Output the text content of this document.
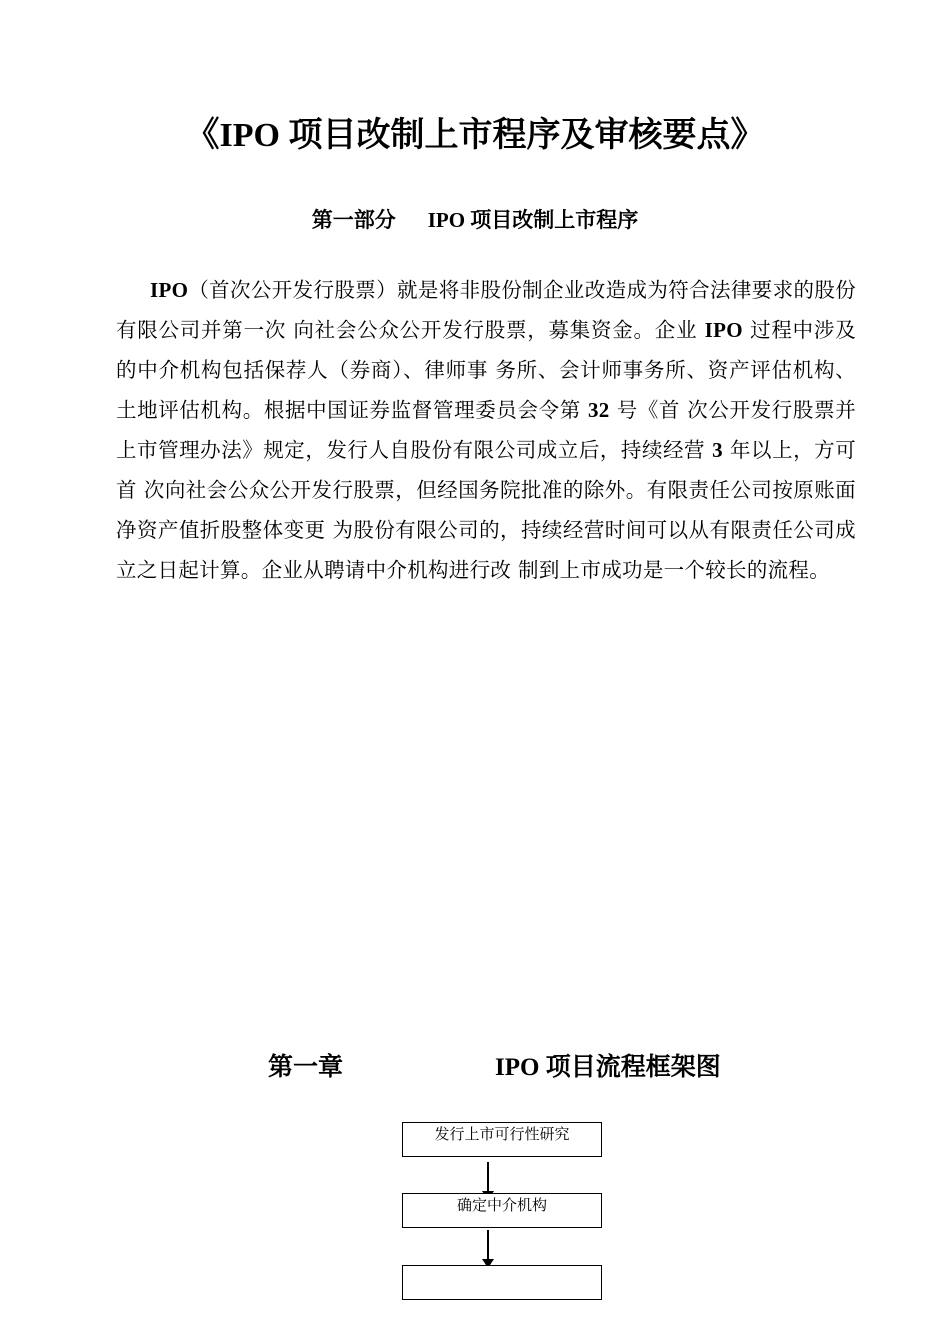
《IPO 项目改制上市程序及审核要点》
第一部分 IPO 项目改制上市程序

IPO（首次公开发行股票）就是将非股份制企业改造成为符合法律要求的股份有限公司并第一次 向社会公众公开发行股票，募集资金。企业 IPO 过程中涉及的中介机构包括保荐人（券商）、律师事 务所、会计师事务所、资产评估机构、土地评估机构。根据中国证券监督管理委员会令第 32 号《首 次公开发行股票并上市管理办法》规定，发行人自股份有限公司成立后，持续经营 3 年以上，方可首 次向社会公众公开发行股票，但经国务院批准的除外。有限责任公司按原账面净资产值折股整体变更 为股份有限公司的，持续经营时间可以从有限责任公司成立之日起计算。企业从聘请中介机构进行改 制到上市成功是一个较长的流程。

第一章	IPO 项目流程框架图
发行上市可行性研究
确定中介机构
